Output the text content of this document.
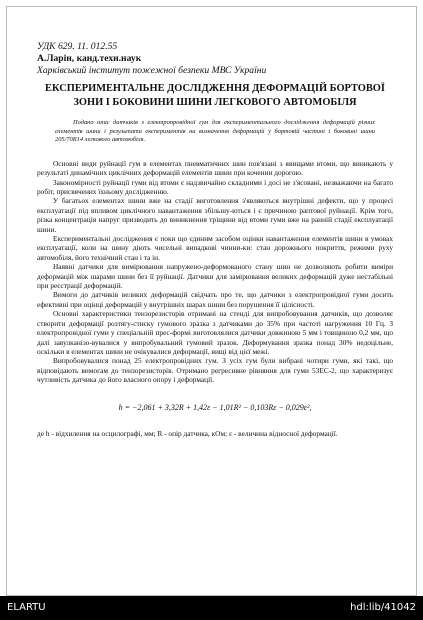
УДК 629. 11. 012.55
А.Ларін, канд.техн.наук
Харківський інститут пожежної безпеки МВС України
ЕКСПЕРИМЕНТАЛЬНЕ ДОСЛІДЖЕННЯ ДЕФОРМАЦІЙ БОРТОВОЇ ЗОНИ І БОКОВИНИ ШИНИ ЛЕГКОВОГО АВТОМОБІЛЯ
Подано опис датчиків з електропровідної гум для експериментального дослідження деформацій різних елементів шини і результати експериментів на визначення деформацій у бортовій частині і боковині шини 205/70R14 легкового автомобіля.

Основні види руйнації гум в елементах пневматичних шин пов'язані з явищами втоми, що виникають у результаті динамічних циклічних деформацій елементів шини при кочении дорогою.

Закономірності руйнації гуми від втоми є надзвичайно складними і досі не з'ясовані, незважаючи на багато робіт, присвячених їхньому дослідженню.

У багатьох елементах шини вже на стадії виготовлення з'являються внутрішні дефекти, що у процесі експлуатації під впливом циклічного навантаження збільшу-ються і є причиною раптової руйнації. Крім того, різка концентрація напруг призводить до виникнення тріщини від втоми гуми вже на ранній стадії експлуатації шини.

Експериментальні дослідження є поки що єдиним засобом оцінки навантаження елементів шини в умовах експлуатації, коли на шину діють чисельні випадкові чинни-ки: стан дорожнього покриття, режими руху автомобіля, його технічний стан і та ін.

Наявні датчики для вимірювання напружено-деформованого стану шин не дозволяють робити виміри деформацій між шарами шини без її руйнації. Датчики для замірювання великих деформацій дуже нестабільні при реєстрації деформацій.

Вимоги до датчиків великих деформацій свідчать про те, що датчики з електропровідної гуми досить ефективні при оцінці деформацій у внутрішніх шарах шини без порушення її цілісності.

Основні характеристики тензорезисторів отримані на стенді для випробовування датчиків, що дозволяє створити деформації розтягу-стиску гумового зразка з датчиками до 35% при частоті нагруження 10 Гц. З електропровідної гуми у спеціальній прес-формі виготовлялися датчики довжиною 5 мм і товщиною 0,2 мм, що далі завулканізо-вувалися у випробувальний гумовий зразок. Деформування зразка понад 30% недоцільне, оскільки в елементах шини не очікувалися деформації, вищі від цієї межі.

Випробовувалися понад 25 електропровідних гум. З усіх гум були вибрані чотири гуми, які такі, що відповідають вимогам до тензорезисторів. Отримано регресивне рівняння для гуми 53ЕС-2, що характеризує чутливість датчика до його власного опору і деформації.

h = −2,061 + 3,32R + 1,42ε − 1,01R² − 0,103Rε − 0,029ε²,

де h - відхилення на осцилографі, мм; R - опір датчика, кОм; ε - величина відносної деформації.

ELARTU	hdl:lib/41042
